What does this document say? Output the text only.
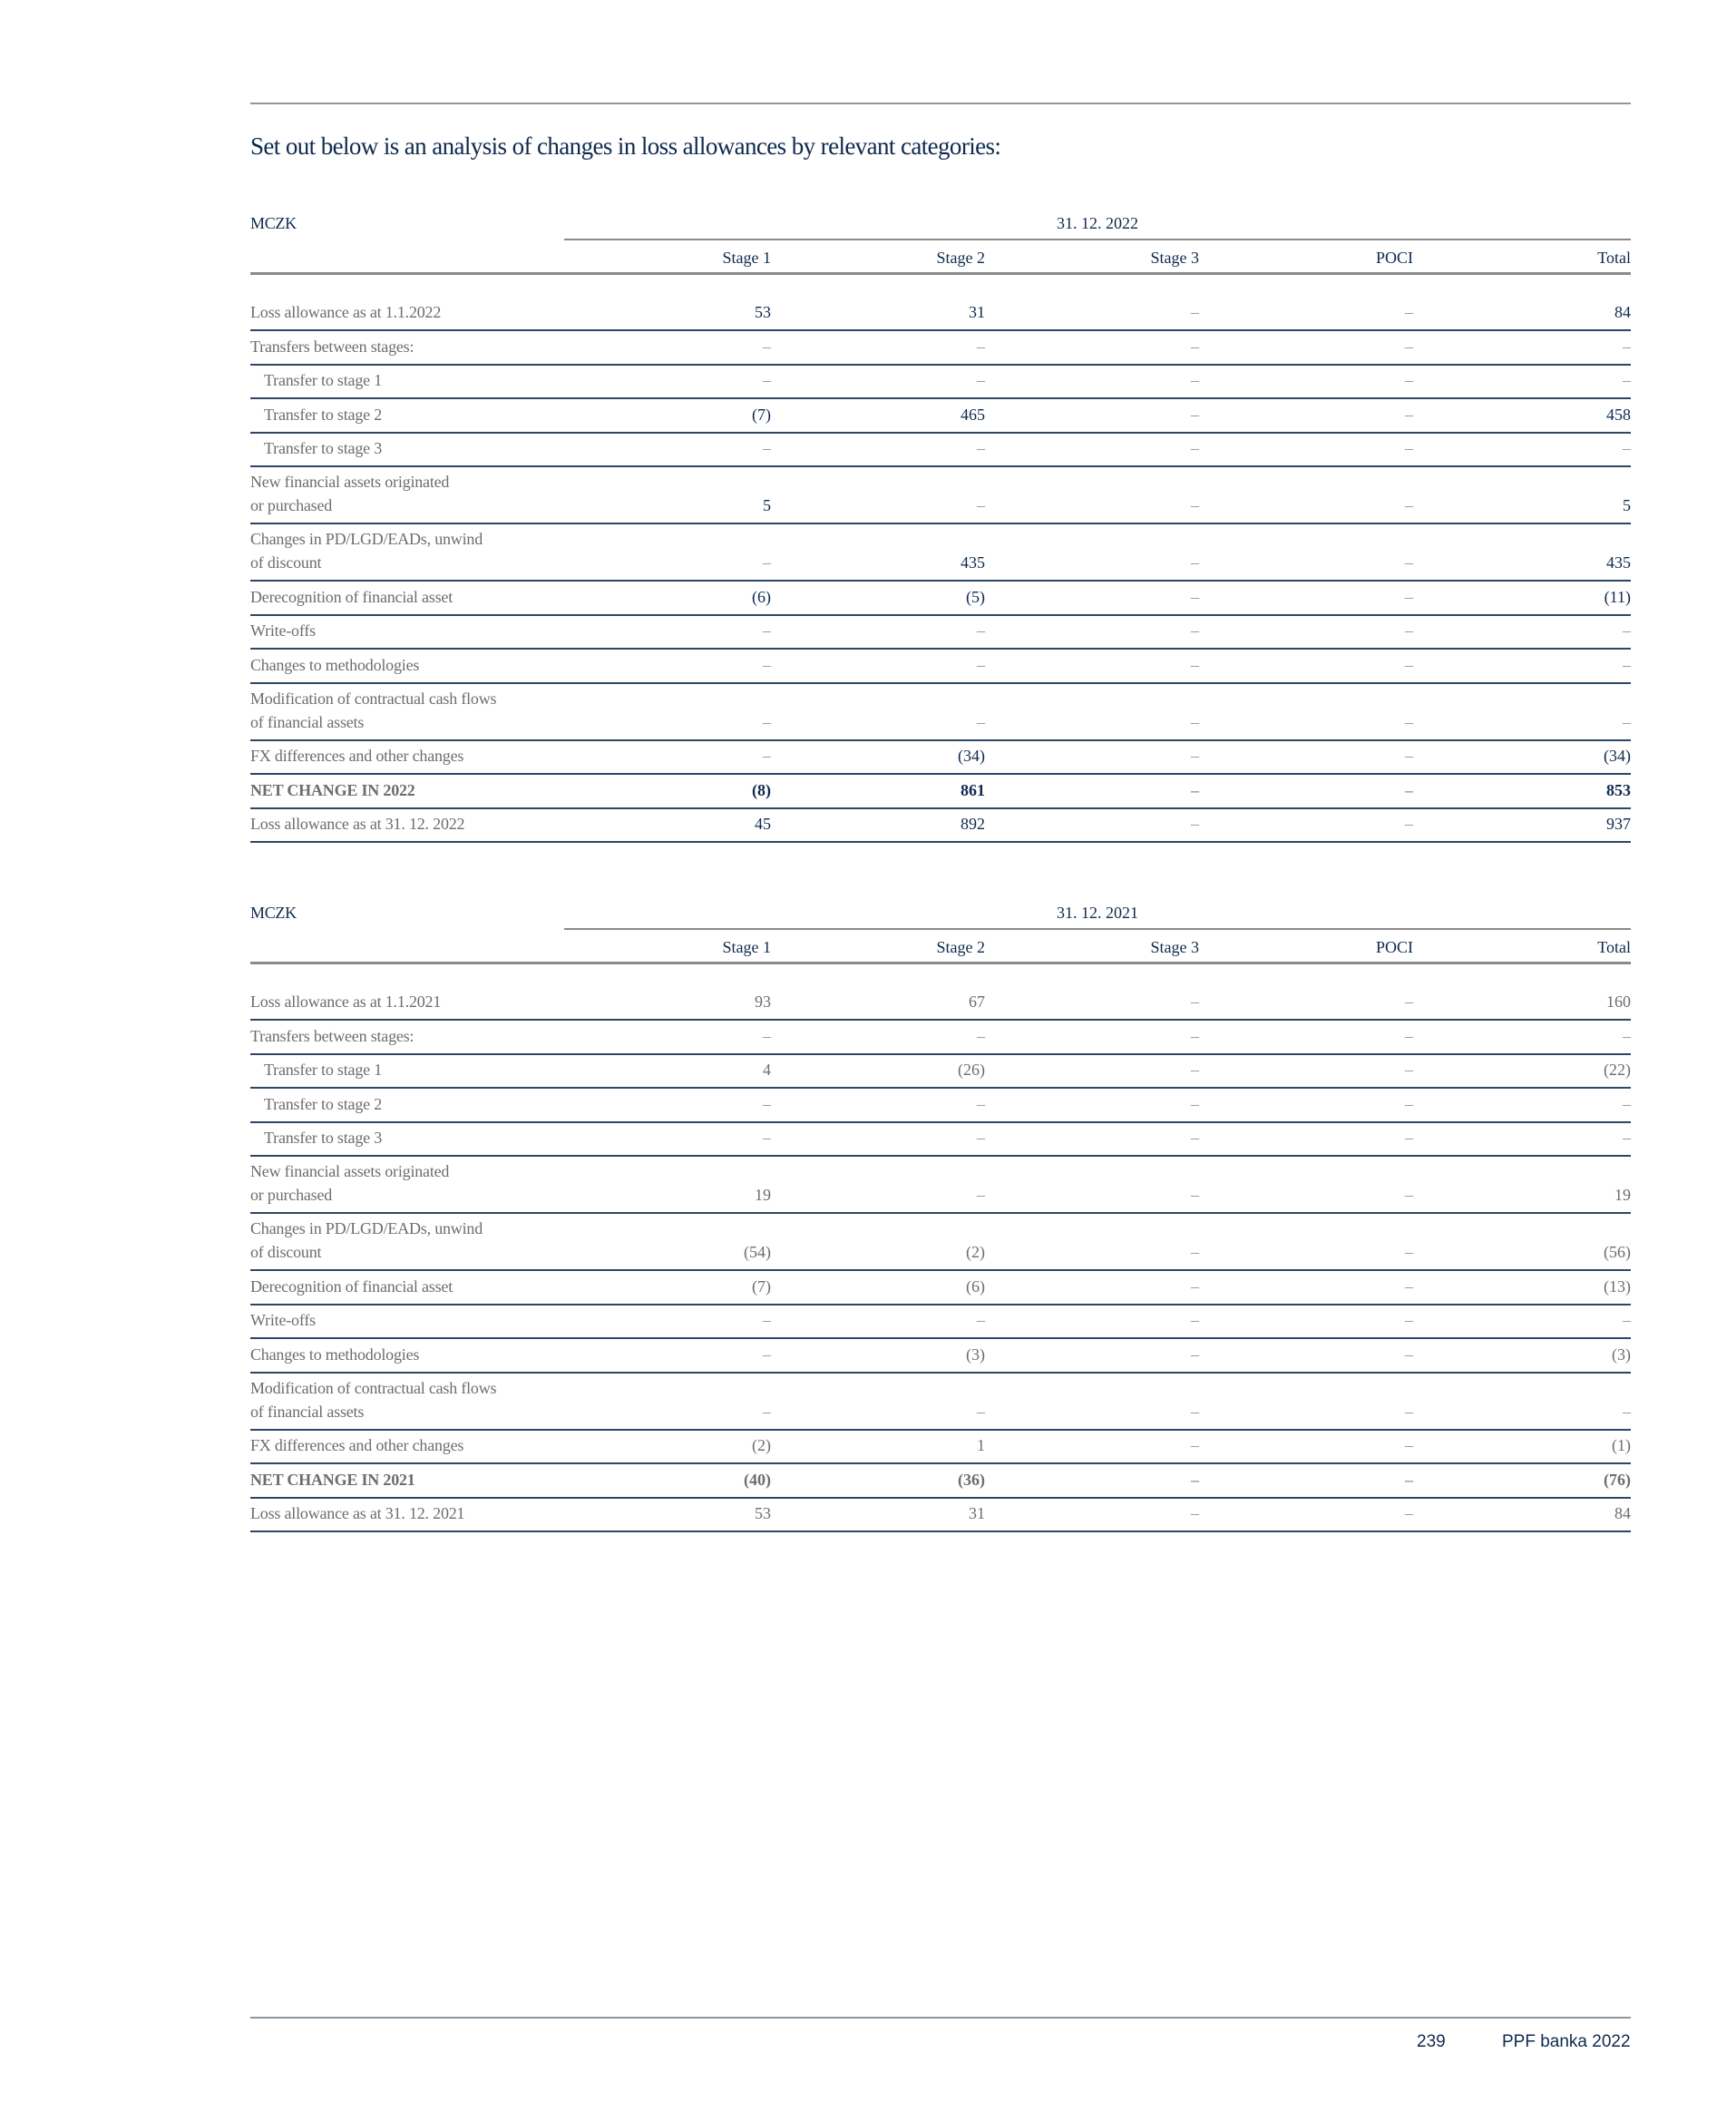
Set out below is an analysis of changes in loss allowances by relevant categories:
MCZK	31. 12. 2022
Stage 1	Stage 2	Stage 3	POCI	Total
Loss allowance as at 1.1.2022	53	31	–	–	84
Transfers between stages:	–	–	–	–	–
Transfer to stage 1	–	–	–	–	–
Transfer to stage 2	(7)	465	–	–	458
Transfer to stage 3	–	–	–	–	–
New financial assets originated
or purchased	5	–	–	–	5
Changes in PD/LGD/EADs, unwind
of discount	–	435	–	–	435
Derecognition of financial asset	(6)	(5)	–	–	(11)
Write-offs	–	–	–	–	–
Changes to methodologies	–	–	–	–	–
Modification of contractual cash flows
of financial assets	–	–	–	–	–
FX differences and other changes	–	(34)	–	–	(34)
NET CHANGE IN 2022	(8)	861	–	–	853
Loss allowance as at 31. 12. 2022	45	892	–	–	937
MCZK	31. 12. 2021
Stage 1	Stage 2	Stage 3	POCI	Total
Loss allowance as at 1.1.2021	93	67	–	–	160
Transfers between stages:	–	–	–	–	–
Transfer to stage 1	4	(26)	–	–	(22)
Transfer to stage 2	–	–	–	–	–
Transfer to stage 3	–	–	–	–	–
New financial assets originated
or purchased	19	–	–	–	19
Changes in PD/LGD/EADs, unwind
of discount	(54)	(2)	–	–	(56)
Derecognition of financial asset	(7)	(6)	–	–	(13)
Write-offs	–	–	–	–	–
Changes to methodologies	–	(3)	–	–	(3)
Modification of contractual cash flows
of financial assets	–	–	–	–	–
FX differences and other changes	(2)	1	–	–	(1)
NET CHANGE IN 2021	(40)	(36)	–	–	(76)
Loss allowance as at 31. 12. 2021	53	31	–	–	84
239	PPF banka 2022
